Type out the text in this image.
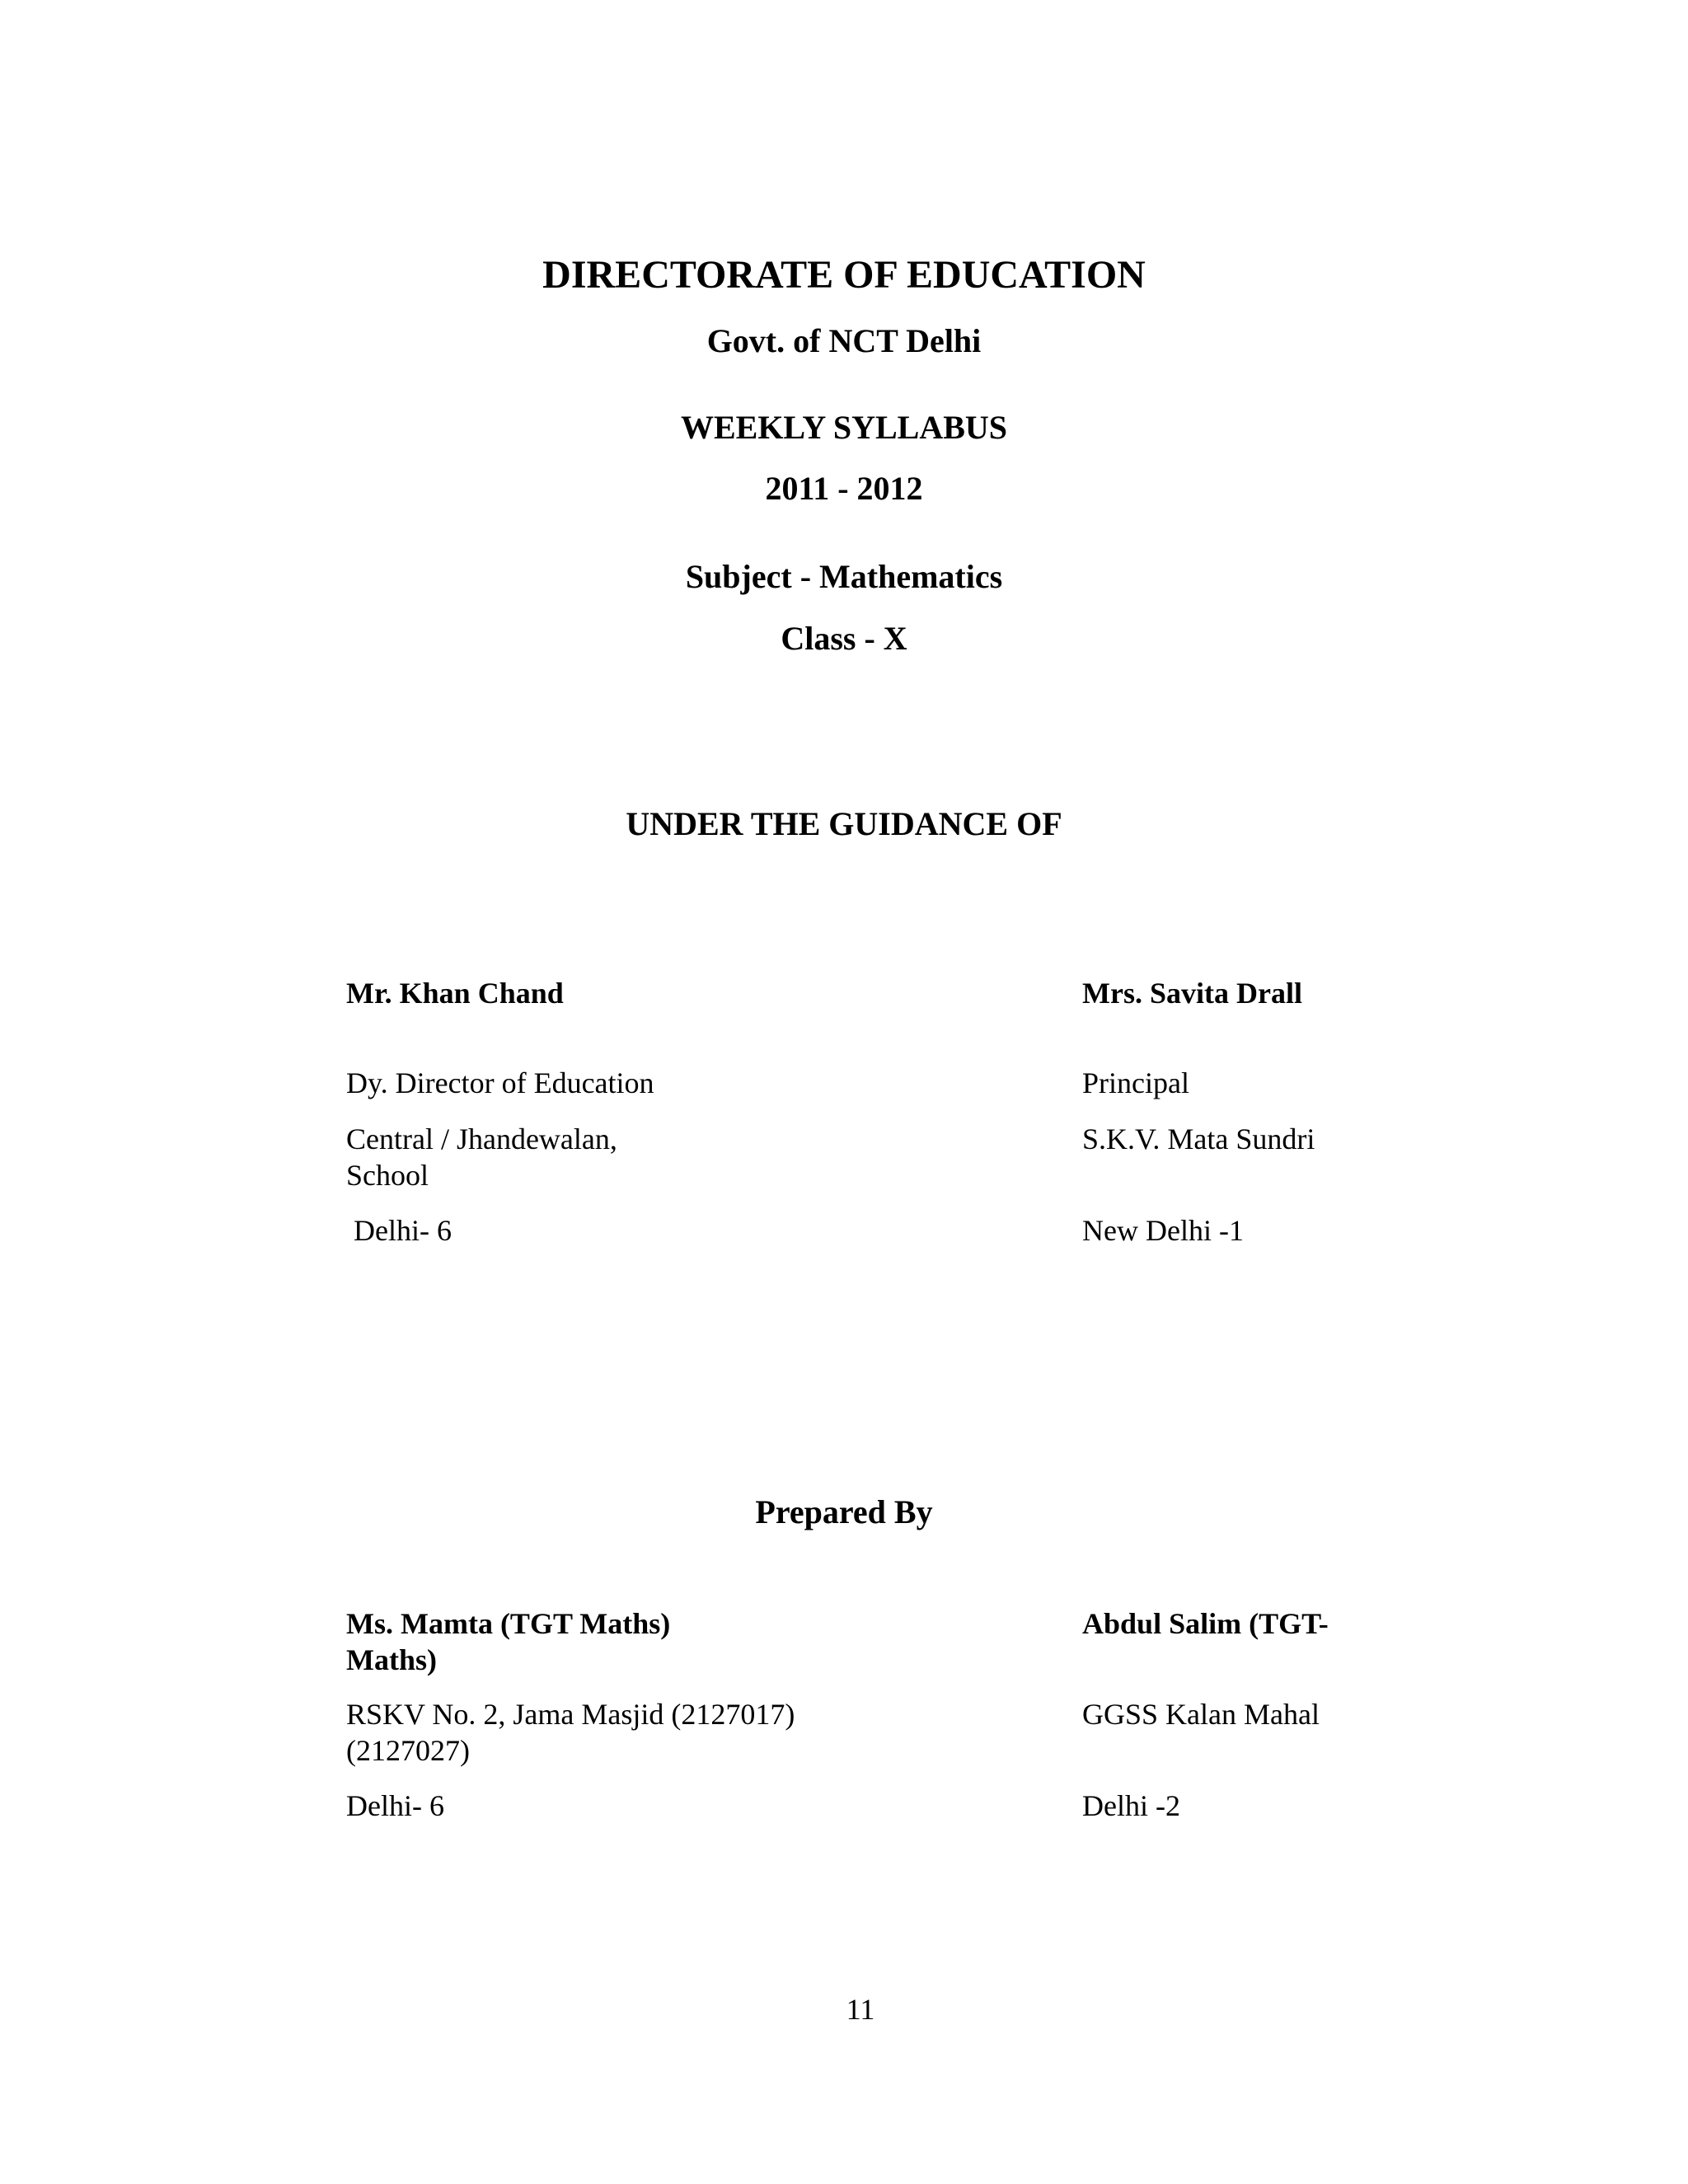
DIRECTORATE OF EDUCATION

Govt. of NCT Delhi

WEEKLY SYLLABUS

2011 - 2012

Subject - Mathematics

Class - X

UNDER THE GUIDANCE OF

Mr. Khan Chand

Dy. Director of Education

Central / Jhandewalan,

School

Delhi- 6

Mrs. Savita Drall

Principal

S.K.V. Mata Sundri

New Delhi -1

Prepared By

Ms. Mamta (TGT Maths)

Maths)

RSKV No. 2, Jama Masjid (2127017)

(2127027)

Delhi- 6

Abdul Salim (TGT-

GGSS Kalan Mahal

Delhi -2

11
